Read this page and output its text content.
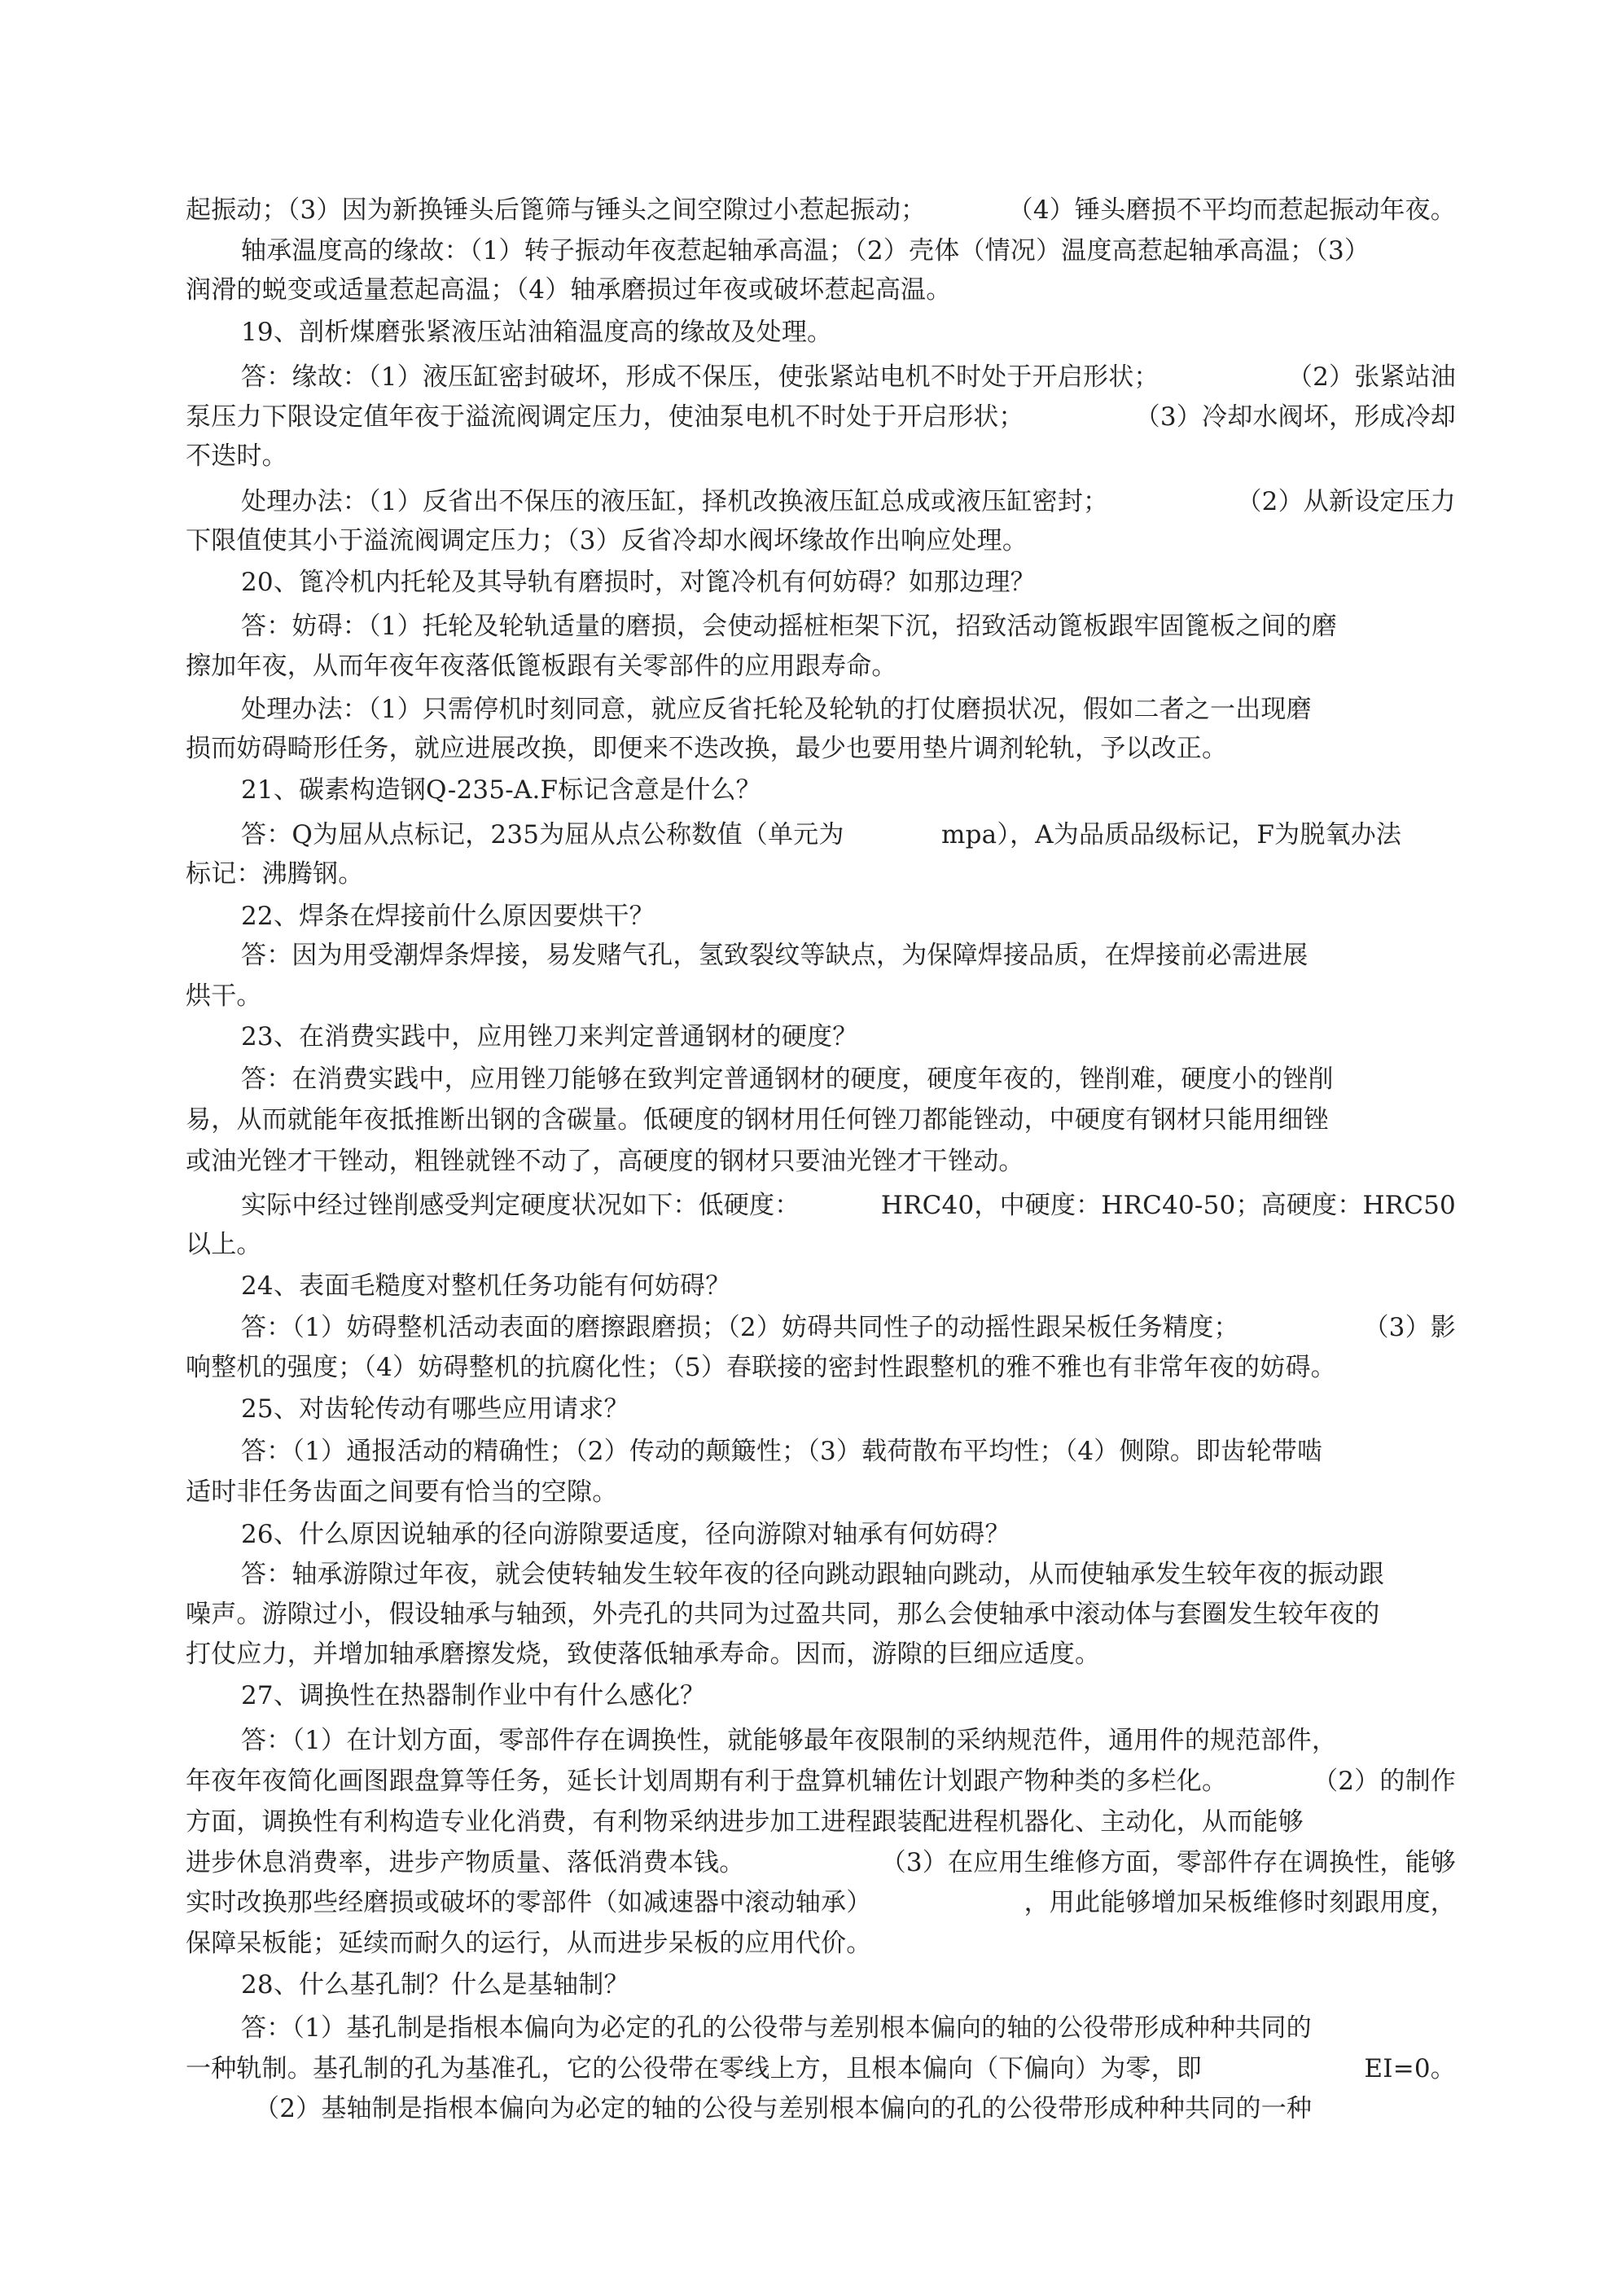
起振动；（3）因为新换锤头后篦筛与锤头之间空隙过小惹起振动；	（4）锤头磨损不平均而惹起振动年夜。
轴承温度高的缘故：（1）转子振动年夜惹起轴承高温；（2）壳体（情况）温度高惹起轴承高温；（3）
润滑的蜕变或适量惹起高温；（4）轴承磨损过年夜或破坏惹起高温。
19、剖析煤磨张紧液压站油箱温度高的缘故及处理。
答：缘故：（1）液压缸密封破坏，形成不保压，使张紧站电机不时处于开启形状；	（2）张紧站油
泵压力下限设定值年夜于溢流阀调定压力，使油泵电机不时处于开启形状；	（3）冷却水阀坏，形成冷却
不迭时。
处理办法：（1）反省出不保压的液压缸，择机改换液压缸总成或液压缸密封；	（2）从新设定压力
下限值使其小于溢流阀调定压力；（3）反省冷却水阀坏缘故作出响应处理。
20、篦冷机内托轮及其导轨有磨损时，对篦冷机有何妨碍？如那边理？
答：妨碍：（1）托轮及轮轨适量的磨损，会使动摇桩柜架下沉，招致活动篦板跟牢固篦板之间的磨
擦加年夜，从而年夜年夜落低篦板跟有关零部件的应用跟寿命。
处理办法：（1）只需停机时刻同意，就应反省托轮及轮轨的打仗磨损状况，假如二者之一出现磨
损而妨碍畸形任务，就应进展改换，即便来不迭改换，最少也要用垫片调剂轮轨，予以改正。
21、碳素构造钢Q-235-A.F标记含意是什么？
答：Q为屈从点标记，235为屈从点公称数值（单元为	mpa），A为品质品级标记，F为脱氧办法
标记：沸腾钢。
22、焊条在焊接前什么原因要烘干？
答：因为用受潮焊条焊接，易发赌气孔，氢致裂纹等缺点，为保障焊接品质，在焊接前必需进展
烘干。
23、在消费实践中，应用锉刀来判定普通钢材的硬度？
答：在消费实践中，应用锉刀能够在致判定普通钢材的硬度，硬度年夜的，锉削难，硬度小的锉削
易，从而就能年夜抵推断出钢的含碳量。低硬度的钢材用任何锉刀都能锉动，中硬度有钢材只能用细锉
或油光锉才干锉动，粗锉就锉不动了，高硬度的钢材只要油光锉才干锉动。
实际中经过锉削感受判定硬度状况如下：低硬度：	HRC40，中硬度：HRC40-50；高硬度：HRC50
以上。
24、表面毛糙度对整机任务功能有何妨碍？
答：（1）妨碍整机活动表面的磨擦跟磨损；（2）妨碍共同性子的动摇性跟呆板任务精度；	（3）影
响整机的强度；（4）妨碍整机的抗腐化性；（5）春联接的密封性跟整机的雅不雅也有非常年夜的妨碍。
25、对齿轮传动有哪些应用请求？
答：（1）通报活动的精确性；（2）传动的颠簸性；（3）载荷散布平均性；（4）侧隙。即齿轮带啮
适时非任务齿面之间要有恰当的空隙。
26、什么原因说轴承的径向游隙要适度，径向游隙对轴承有何妨碍？
答：轴承游隙过年夜，就会使转轴发生较年夜的径向跳动跟轴向跳动，从而使轴承发生较年夜的振动跟
噪声。游隙过小，假设轴承与轴颈，外壳孔的共同为过盈共同，那么会使轴承中滚动体与套圈发生较年夜的
打仗应力，并增加轴承磨擦发烧，致使落低轴承寿命。因而，游隙的巨细应适度。
27、调换性在热器制作业中有什么感化？
答：（1）在计划方面，零部件存在调换性，就能够最年夜限制的采纳规范件，通用件的规范部件，
年夜年夜简化画图跟盘算等任务，延长计划周期有利于盘算机辅佐计划跟产物种类的多栏化。	（2）的制作
方面，调换性有利构造专业化消费，有利物采纳进步加工进程跟装配进程机器化、主动化，从而能够
进步休息消费率，进步产物质量、落低消费本钱。	（3）在应用生维修方面，零部件存在调换性，能够
实时改换那些经磨损或破坏的零部件（如减速器中滚动轴承）	，用此能够增加呆板维修时刻跟用度，
保障呆板能；延续而耐久的运行，从而进步呆板的应用代价。
28、什么基孔制？什么是基轴制？
答：（1）基孔制是指根本偏向为必定的孔的公役带与差别根本偏向的轴的公役带形成种种共同的
一种轨制。基孔制的孔为基准孔，它的公役带在零线上方，且根本偏向（下偏向）为零，即	EI=0。
（2）基轴制是指根本偏向为必定的轴的公役与差别根本偏向的孔的公役带形成种种共同的一种
